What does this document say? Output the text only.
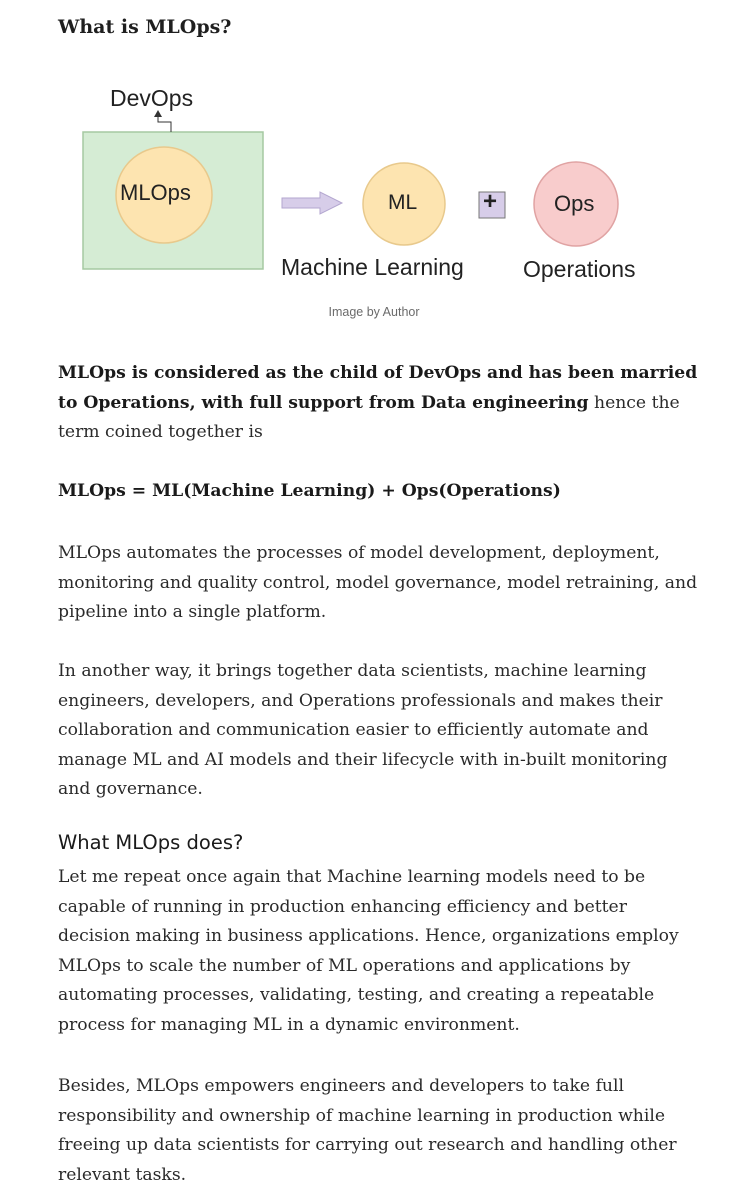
What is MLOps?
DevOps
MLOps	ML	+	Ops
Machine Learning	Operations
Image by Author

MLOps is considered as the child of DevOps and has been married to Operations, with full support from Data engineering hence the term coined together is

MLOps = ML(Machine Learning) + Ops(Operations)

MLOps automates the processes of model development, deployment, monitoring and quality control, model governance, model retraining, and pipeline into a single platform.

In another way, it brings together data scientists, machine learning engineers, developers, and Operations professionals and makes their collaboration and communication easier to efficiently automate and manage ML and AI models and their lifecycle with in-built monitoring and governance.

What MLOps does?

Let me repeat once again that Machine learning models need to be capable of running in production enhancing efficiency and better decision making in business applications. Hence, organizations employ MLOps to scale the number of ML operations and applications by automating processes, validating, testing, and creating a repeatable process for managing ML in a dynamic environment.

Besides, MLOps empowers engineers and developers to take full responsibility and ownership of machine learning in production while freeing up data scientists for carrying out research and handling other relevant tasks.
